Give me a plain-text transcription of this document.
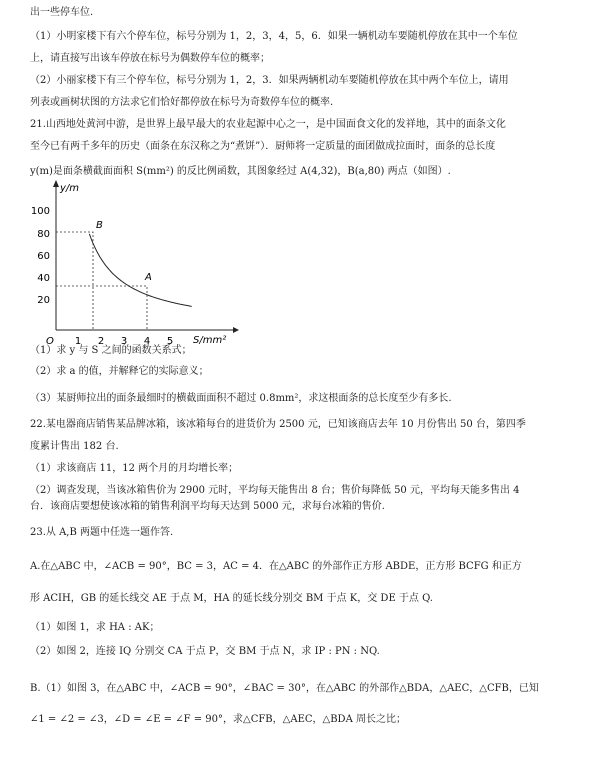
出一些停车位.
（1）小明家楼下有六个停车位，标号分别为 1，2，3，4，5，6．如果一辆机动车要随机停放在其中一个车位
上，请直接写出该车停放在标号为偶数停车位的概率；
（2）小丽家楼下有三个停车位，标号分别为 1，2，3．如果两辆机动车要随机停放在其中两个车位上，请用
列表或画树状图的方法求它们恰好都停放在标号为奇数停车位的概率.
21.山西地处黄河中游，是世界上最早最大的农业起源中心之一，是中国面食文化的发祥地，其中的面条文化
至今已有两千多年的历史（面条在东汉称之为“煮饼”）．厨师将一定质量的面团做成拉面时，面条的总长度
y(m)是面条横截面面积 S(mm²) 的反比例函数，其图象经过 A(4,32)，B(a,80) 两点（如图）.
100
80
60
40
20
1 2 3 4 5
O
y/m
S/mm²
B
A
（1）求 y 与 S 之间的函数关系式；
（2）求 a 的值，并解释它的实际意义；
（3）某厨师拉出的面条最细时的横截面面积不超过 0.8mm²，求这根面条的总长度至少有多长.
22.某电器商店销售某品牌冰箱，该冰箱每台的进货价为 2500 元，已知该商店去年 10 月份售出 50 台，第四季
度累计售出 182 台.
（1）求该商店 11，12 两个月的月均增长率；
（2）调查发现，当该冰箱售价为 2900 元时，平均每天能售出 8 台；售价每降低 50 元，平均每天能多售出 4
台．该商店要想使该冰箱的销售利润平均每天达到 5000 元，求每台冰箱的售价.
23.从 A,B 两题中任选一题作答.
A.在△ABC 中，∠ACB = 90°，BC = 3，AC = 4．在△ABC 的外部作正方形 ABDE，正方形 BCFG 和正方
形 ACIH，GB 的延长线交 AE 于点 M，HA 的延长线分别交 BM 于点 K，交 DE 于点 Q.
（1）如图 1，求 HA : AK；
（2）如图 2，连接 IQ 分别交 CA 于点 P，交 BM 于点 N，求 IP : PN : NQ.
B.（1）如图 3，在△ABC 中，∠ACB = 90°，∠BAC = 30°，在△ABC 的外部作△BDA，△AEC，△CFB，已知
∠1 = ∠2 = ∠3，∠D = ∠E = ∠F = 90°，求△CFB，△AEC，△BDA 周长之比；
